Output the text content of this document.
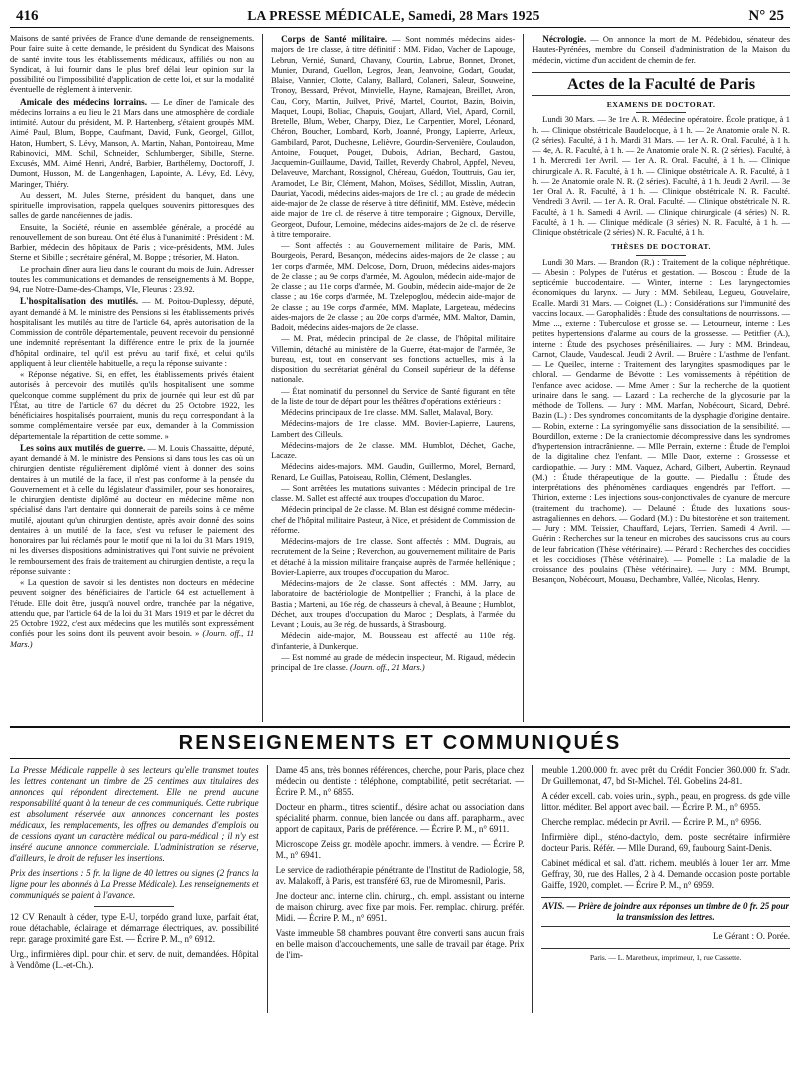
416	LA PRESSE MÉDICALE, Samedi, 28 Mars 1925	N° 25

Maisons de santé privées de France d'une demande de renseignements. Pour faire suite à cette demande, le président du Syndicat des Maisons de santé invite tous les établissements médicaux, affiliés ou non au Syndicat, à lui fournir dans le plus bref délai leur opinion sur la possibilité ou l'impossibilité d'application de cette loi, et sur la modalité éventuelle de règlement à intervenir.

Amicale des médecins lorrains. — Le dîner de l'amicale des médecins lorrains a eu lieu le 21 Mars dans une atmosphère de cordiale intimité. Autour du président, M. P. Hartenberg, s'étaient groupés MM. Aimé Paul, Blum, Boppe, Caufmant, David, Funk, Georgel, Gillot, Haton, Humbert, S. Lévy, Manson, A. Martin, Nahan, Pontoireau, Mme Rabinovici, MM. Schil, Schneider, Schlumberger, Sibille, Sterne. Excusés, MM. Aimé Henri, André, Barbier, Barthélemy, Doctoroff, J. Dumont, Husson, M. de Langenhagen, Lapointe, A. Lévy, Ed. Lévy, Maringer, Thiéry.

Au dessert, M. Jules Sterne, président du banquet, dans une spirituelle improvisation, rappela quelques souvenirs pittoresques des salles de garde nancéiennes de jadis.

Ensuite, la Société, réunie en assemblée générale, a procédé au renouvellement de son bureau. Ont été élus à l'unanimité : Président : M. Barbier, médecin des hôpitaux de Paris ; vice-présidents, MM. Jules Sterne et Sibille ; secrétaire général, M. Boppe ; trésorier, M. Haton.

Le prochain dîner aura lieu dans le courant du mois de Juin. Adresser toutes les communications et demandes de renseignements à M. Boppe, 94, rue Notre-Dame-des-Champs, VIe, Fleurus : 23.92.

L'hospitalisation des mutilés. — M. Poitou-Duplessy, député, ayant demandé à M. le ministre des Pensions si les établissements privés hospitalisant les mutilés au titre de l'article 64, après autorisation de la Commission de contrôle départementale, peuvent recevoir du pensionné une indemnité représentant la différence entre le prix de la journée d'hôpital ordinaire, tel qu'il est prévu au tarif fixé, et celui qu'ils appliquent à leur clientèle habituelle, a reçu la réponse suivante :

« Réponse négative. Si, en effet, les établissements privés étaient autorisés à percevoir des mutilés qu'ils hospitalisent une somme quelconque comme supplément du prix de journée qui leur est dû par l'État, au titre de l'article 67 du décret du 25 Octobre 1922, les bénéficiaires hospitalisés pourraient, munis du reçu correspondant à la somme complémentaire versée par eux, demander à la Commission départementale la répartition de cette somme. »

Les soins aux mutilés de guerre. — M. Louis Chassaitte, député, ayant demandé à M. le ministre des Pensions si dans tous les cas où un chirurgien dentiste régulièrement diplômé vient à donner des soins dentaires à un mutilé de la face, il n'est pas conforme à la pensée du Gouvernement et à celle du législateur d'assimiler, pour ses honoraires, le chirurgien dentiste diplômé au docteur en médecine même non spécialisé dans l'art dentaire qui donnerait de pareils soins à ce même mutilé, ajoutant qu'un chirurgien dentiste, après avoir donné des soins dentaires à un mutilé de la face, s'est vu refuser le paiement des honoraires par lui réclamés pour le motif que ni la loi du 31 Mars 1919, ni les diverses dispositions administratives qui l'ont suivie ne prévoient le remboursement des frais de traitement au chirurgien dentiste, a reçu la réponse suivante :

« La question de savoir si les dentistes non docteurs en médecine peuvent soigner des bénéficiaires de l'article 64 est actuellement à l'étude. Elle doit être, jusqu'à nouvel ordre, tranchée par la négative, attendu que, par l'article 64 de la loi du 31 Mars 1919 et par le décret du 25 Octobre 1922, c'est aux médecins que les mutilés sont expressément confiés pour les soins dont ils peuvent avoir besoin. » (Journ. off., 11 Mars.)

Corps de Santé militaire. — Sont nommés médecins aides-majors de 1re classe, à titre définitif : MM. Fidao, Vacher de Lapouge, Lebrun, Vernié, Sunard, Chavany, Courtin, Labrue, Bonnet, Dronet, Munier, Durand, Guellon, Legros, Jean, Jeanvoine, Godart, Goudat, Blaise, Vannier, Clotte, Calany, Ballard, Colaneri, Saleur, Souweine, Tronoy, Bessard, Prévot, Minvielle, Hayne, Ramajean, Breillet, Aron, Cau, Cory, Martin, Juilvet, Privé, Martel, Courtot, Bazin, Boivin, Maquet, Loupi, Boliac, Chapuis, Goujart, Allard, Viel, Apard, Cornil, Bretelle, Blum, Weber, Charpy, Diez, Le Carpentier, Morel, Léonard, Chéron, Boucher, Lombard, Korb, Joanné, Prongy, Lapierre, Arleux, Gambilard, Parot, Duchesne, Lelièvre, Gourdin-Servenière, Coulaudon, Antoine, Fouquet, Pouget, Dubois, Adrian, Bechard, Gastou, Jacquemin-Guillaume, David, Taillet, Reverdy Chabrol, Appfel, Neveu, Delaveuve, Marchant, Rossignol, Chéreau, Guédon, Touttruis, Gau ier, Aramodet, Le Bir, Clément, Mahon, Moïses, Sédillot, Misslin, Autran, Dauriat, Yacodi, médecins aides-majors de 1re cl. ; au grade de médecin aide-major de 2e classe de réserve à titre définitif, MM. Estève, médecin aide major de 1re cl. de réserve à titre temporaire ; Gignoux, Derville, Georgeot, Dufour, Lemoine, médecins aides-majors de 2e cl. de réserve à titre temporaire.

— Sont affectés : au Gouvernement militaire de Paris, MM. Bourgeois, Perard, Besançon, médecins aides-majors de 2e classe ; au 1er corps d'armée, MM. Delcose, Dorn, Druon, médecins aides-majors de 2e classe ; au 9e corps d'armée, M. Agoulon, médecin aide-major de 2e classe ; au 11e corps d'armée, M. Goubin, médecin aide-major de 2e classe ; au 16e corps d'armée, M. Tzelepoglou, médecin aide-major de 2e classe ; au 19e corps d'armée, MM. Maplate, Largeteau, médecins aides-majors de 2e classe ; au 20e corps d'armée, MM. Maltor, Damin, Badoit, médecins aides-majors de 2e classe.

— M. Prat, médecin principal de 2e classe, de l'hôpital militaire Villemin, détaché au ministère de la Guerre, état-major de l'armée, 3e bureau, est, tout en conservant ses fonctions actuelles, mis à la disposition du secrétariat général du Conseil supérieur de la défense nationale.

— État nominatif du personnel du Service de Santé figurant en tête de la liste de tour de départ pour les théâtres d'opérations extérieurs :

Médecins principaux de 1re classe. MM. Sallet, Malaval, Bory.

Médecins-majors de 1re classe. MM. Bovier-Lapierre, Laurens, Lambert des Cilleuls.

Médecins-majors de 2e classe. MM. Humblot, Déchet, Gache, Lacaze.

Médecins aides-majors. MM. Gaudin, Guillermo, Morel, Bernard, Renard, Le Guillas, Patoiseau, Rollin, Clément, Deslangles.

— Sont arrêtées les mutations suivantes : Médecin principal de 1re classe. M. Sallet est affecté aux troupes d'occupation du Maroc.

Médecin principal de 2e classe. M. Blan est désigné comme médecin-chef de l'hôpital militaire Pasteur, à Nice, et président de Commission de réforme.

Médecins-majors de 1re classe. Sont affectés : MM. Dugrais, au recrutement de la Seine ; Reverchon, au gouvernement militaire de Paris et détaché à la mission militaire française auprès de l'armée hellénique ; Bovier-Lapierre, aux troupes d'occupation du Maroc.

Médecins-majors de 2e classe. Sont affectés : MM. Jarry, au laboratoire de bactériologie de Montpellier ; Franchi, à la place de Bastia ; Marteni, au 16e rég. de chasseurs à cheval, à Beaune ; Humblot, Déchet, aux troupes d'occupation du Maroc ; Desplats, à l'armée du Levant ; Louis, au 3e rég. de hussards, à Strasbourg.

Médecin aide-major, M. Bousseau est affecté au 110e rég. d'infanterie, à Dunkerque.

— Est nommé au grade de médecin inspecteur, M. Rigaud, médecin principal de 1re classe. (Journ. off., 21 Mars.)

Nécrologie. — On annonce la mort de M. Pédebidou, sénateur des Hautes-Pyrénées, membre du Conseil d'administration de la Maison du médecin, victime d'un accident de chemin de fer.

Actes de la Faculté de Paris
EXAMENS DE DOCTORAT.

Lundi 30 Mars. — 3e 1re A. R. Médecine opératoire. École pratique, à 1 h. — Clinique obstétricale Baudelocque, à 1 h. — 2e Anatomie orale N. R. (2 séries). Faculté, à 1 h. Mardi 31 Mars. — 1er A. R. Oral. Faculté, à 1 h. — 4e, A. R. Faculté, à 1 h. — 2e Anatomie orale N. R. (2 séries). Faculté, à 1 h. Mercredi 1er Avril. — 1er A. R. Oral. Faculté, à 1 h. — Clinique chirurgicale A. R. Faculté, à 1 h. — Clinique obstétricale A. R. Faculté, à 1 h. — 2e Anatomie orale N. R. (2 séries). Faculté, à 1 h. Jeudi 2 Avril. — 3e 1er Oral A. R. Faculté, à 1 h. — Clinique obstétricale N. R. Faculté. Vendredi 3 Avril. — 1er A. R. Oral. Faculté. — Clinique obstétricale N. R. Faculté, à 1 h. Samedi 4 Avril. — Clinique chirurgicale (4 séries) N. R. Faculté, à 1 h. — Clinique médicale (3 séries) N. R. Faculté, à 1 h. — Clinique obstétricale (2 séries) N. R. Faculté, à 1 h.

THÈSES DE DOCTORAT.

Lundi 30 Mars. — Brandon (R.) : Traitement de la colique néphrétique. — Abesin : Polypes de l'utérus et gestation. — Boscou : Étude de la septicémie buccodentaire. — Winter, interne : Les laryngectomies économiques du larynx. — Jury : MM. Sebileau, Legueu, Gouvelaire, Ecalle. Mardi 31 Mars. — Coignet (L.) : Considérations sur l'immunité des vaccins locaux. — Garophalidès : Étude des consultations de nourrissons. — Mme ..., externe : Tuberculose et grosse se. — Letourneur, interne : Les petites hypertensions d'alarme au cours de la grossesse. — Petitfier (A.), interne : Étude des psychoses préséniliaires. — Jury : MM. Brindeau, Carnot, Claude, Vaudescal. Jeudi 2 Avril. — Bruère : L'asthme de l'enfant. — Le Queilec, interne : Traitement des laryngites spasmodiques par le chloral. — Gendarme de Bévotte : Les vomissements à répétition de l'enfance avec acidose. — Mme Amer : Sur la recherche de la quotient urinaire dans le sang. — Lazard : La recherche de la glycosurie par la méthode de Tollens. — Jury : MM. Marfan, Nobécourt, Sicard, Debré. Bazin (L.) : Des syndromes concomitants de la dysphagie d'origine dentaire. — Robin, externe : La syringomyélie sans dissociation de la sensibilité. — Bourdillon, externe : De la craniectomie décompressive dans les syndromes d'hypertension intracrânienne. — Mlle Perrain, externe : Étude de l'emploi de la digitaline chez l'enfant. — Mlle Daor, externe : Grossesse et cardiopathie. — Jury : MM. Vaquez, Achard, Gilbert, Aubertin. Reynaud (M.) : Étude thérapeutique de la goutte. — Piedallu : Étude des interprétations des phénomènes cardiaques engendrés par l'effort. — Thirion, externe : Les injections sous-conjonctivales de cyanure de mercure (traitement du trachome). — Delauné : Étude des luxations sous-astragaliennes en dehors. — Godard (M.) : Du bitestorène et son traitement. — Jury : MM. Teissier, Chauffard, Lejars, Terrien. Samedi 4 Avril. — Guérin : Recherches sur la teneur en microbes des saucissons crus au cours de leur fabrication (Thèse vétérinaire). — Pérard : Recherches des coccidies et les coccidioses (Thèse vétérinaire). — Pomelle : La maladie de la croissance des poulains (Thèse vétérinaire). — Jury : MM. Brumpt, Besançon, Nobécourt, Mouasu, Dechambre, Vallée, Nicolas, Henry.

RENSEIGNEMENTS ET COMMUNIQUÉS

La Presse Médicale rappelle à ses lecteurs qu'elle transmet toutes les lettres contenant un timbre de 25 centimes aux titulaires des annonces qui répondent directement. Elle ne prend aucune responsabilité quant à la teneur de ces communiqués. Cette rubrique est absolument réservée aux annonces concernant les postes médicaux, les remplacements, les offres ou demandes d'emplois ou de cessions ayant un caractère médical ou para-médical ; il n'y est inséré aucune annonce commerciale. L'administration se réserve, d'ailleurs, le droit de refuser les insertions.

Prix des insertions : 5 fr. la ligne de 40 lettres ou signes (2 francs la ligne pour les abonnés à La Presse Médicale). Les renseignements et communiqués se paient à l'avance.

12 CV Renault à céder, type E-U, torpédo grand luxe, parfait état, roue détachable, éclairage et démarrage électriques, av. possibilité repr. garage proximité gare Est. — Écrire P. M., n° 6912.

Urg., infirmières dipl. pour chir. et serv. de nuit, demandées. Hôpital à Vendôme (L.-et-Ch.).

Dame 45 ans, très bonnes références, cherche, pour Paris, place chez médecin ou dentiste : téléphone, comptabilité, petit secrétariat. — Écrire P. M., n° 6855.

Docteur en pharm., titres scientif., désire achat ou association dans spécialité pharm. connue, bien lancée ou dans aff. parapharm., avec apport de capitaux, Paris de préférence. — Écrire P. M., n° 6911.

Microscope Zeiss gr. modèle apochr. immers. à vendre. — Écrire P. M., n° 6941.

Le service de radiothérapie pénétrante de l'Institut de Radiologie, 58, av. Malakoff, à Paris, est transféré 63, rue de Miromesnil, Paris.

Jne docteur anc. interne clin. chirurg., ch. empl. assistant ou interne de maison chirurg. avec fixe par mois. Fer. remplac. chirurg. préfér. Midi. — Écrire P. M., n° 6951.

Vaste immeuble 58 chambres pouvant être converti sans aucun frais en belle maison d'accouchements, une salle de travail par étage. Prix de l'im-

meuble 1.200.000 fr. avec prêt du Crédit Foncier 360.000 fr. S'adr. Dr Guillemonat, 47, bd St-Michel. Tél. Gobelins 24-81.

A céder excell. cab. voies urin., syph., peau, en progress. ds gde ville littor. méditer. Bel apport avec bail. — Écrire P. M., n° 6955.

Cherche remplac. médecin pr Avril. — Écrire P. M., n° 6956.

Infirmière dipl., sténo-dactylo, dem. poste secrétaire infirmière docteur Paris. Référ. — Mlle Durand, 69, faubourg Saint-Denis.

Cabinet médical et sal. d'att. richem. meublés à louer 1er arr. Mme Geffray, 30, rue des Halles, 2 à 4. Demande occasion poste portable Gaiffe, 1920, complet. — Écrire P. M., n° 6959.

AVIS. — Prière de joindre aux réponses un timbre de 0 fr. 25 pour la transmission des lettres.
Le Gérant : O. Porée.
Paris. — L. Maretheux, imprimeur, 1, rue Cassette.
